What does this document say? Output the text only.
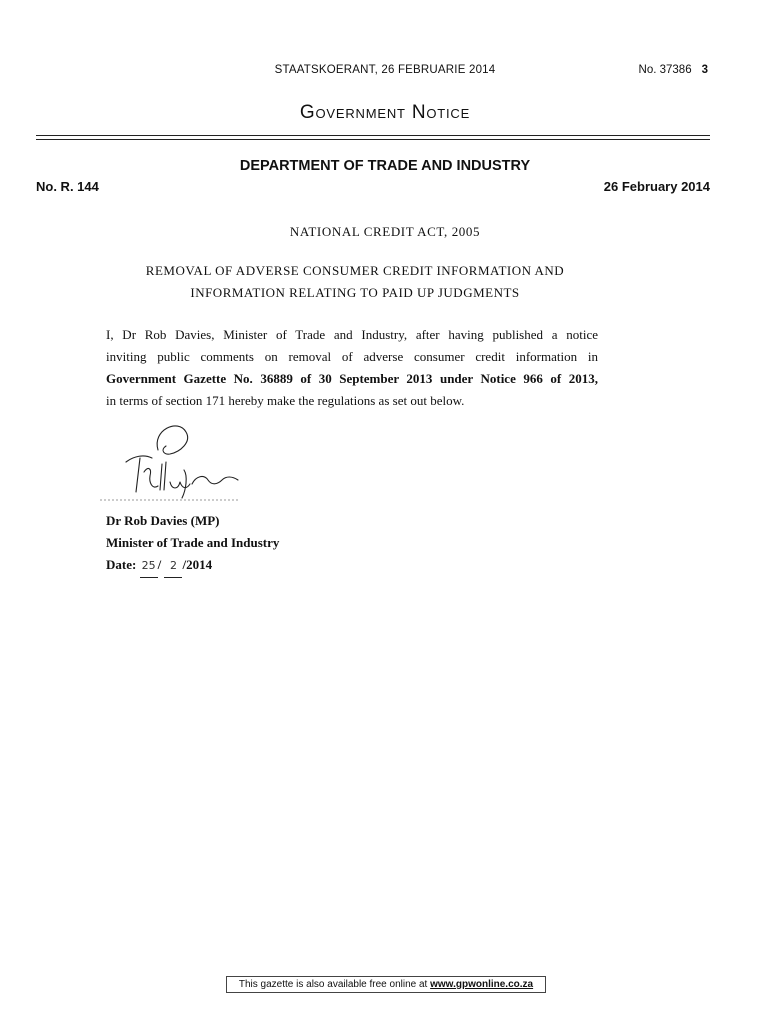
STAATSKOERANT, 26 FEBRUARIE 2014	No. 37386 3
Government Notice
DEPARTMENT OF TRADE AND INDUSTRY
No. R. 144	26 February 2014
NATIONAL CREDIT ACT, 2005
REMOVAL OF ADVERSE CONSUMER CREDIT INFORMATION AND
INFORMATION RELATING TO PAID UP JUDGMENTS
I, Dr Rob Davies, Minister of Trade and Industry, after having published a notice
inviting public comments on removal of adverse consumer credit information in
Government Gazette No. 36889 of 30 September 2013 under Notice 966 of 2013,
in terms of section 171 hereby make the regulations as set out below.
Dr Rob Davies (MP)
Minister of Trade and Industry
Date: 25 / 2 /2014
This gazette is also available free online at www.gpwonline.co.za
